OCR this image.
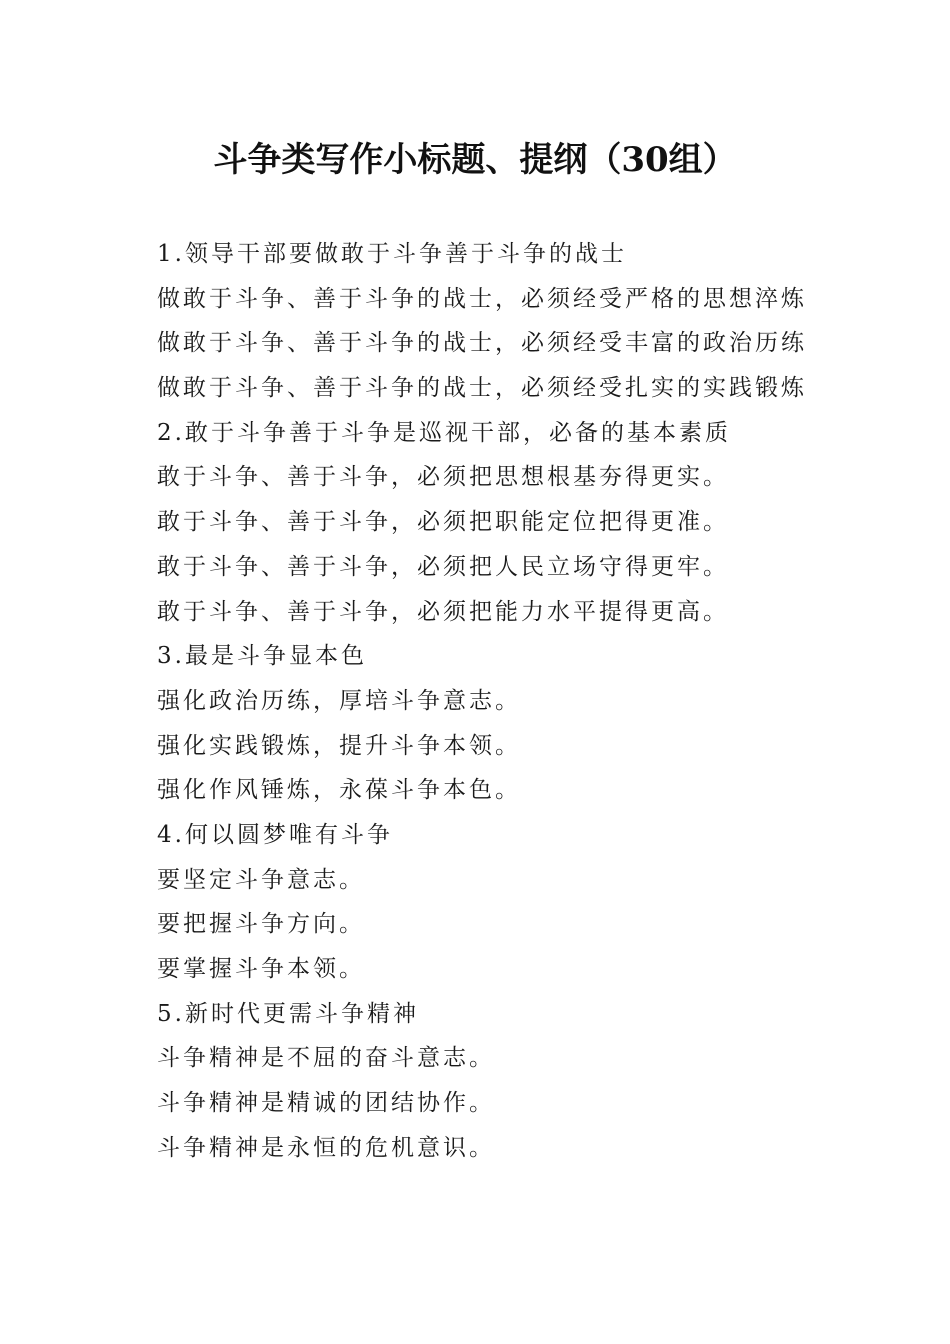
斗争类写作小标题、提纲（30组）
1.领导干部要做敢于斗争善于斗争的战士
做敢于斗争、善于斗争的战士，必须经受严格的思想淬炼
做敢于斗争、善于斗争的战士，必须经受丰富的政治历练
做敢于斗争、善于斗争的战士，必须经受扎实的实践锻炼
2.敢于斗争善于斗争是巡视干部，必备的基本素质
敢于斗争、善于斗争，必须把思想根基夯得更实。
敢于斗争、善于斗争，必须把职能定位把得更准。
敢于斗争、善于斗争，必须把人民立场守得更牢。
敢于斗争、善于斗争，必须把能力水平提得更高。
3.最是斗争显本色
强化政治历练，厚培斗争意志。
强化实践锻炼，提升斗争本领。
强化作风锤炼，永葆斗争本色。
4.何以圆梦唯有斗争
要坚定斗争意志。
要把握斗争方向。
要掌握斗争本领。
5.新时代更需斗争精神
斗争精神是不屈的奋斗意志。
斗争精神是精诚的团结协作。
斗争精神是永恒的危机意识。
